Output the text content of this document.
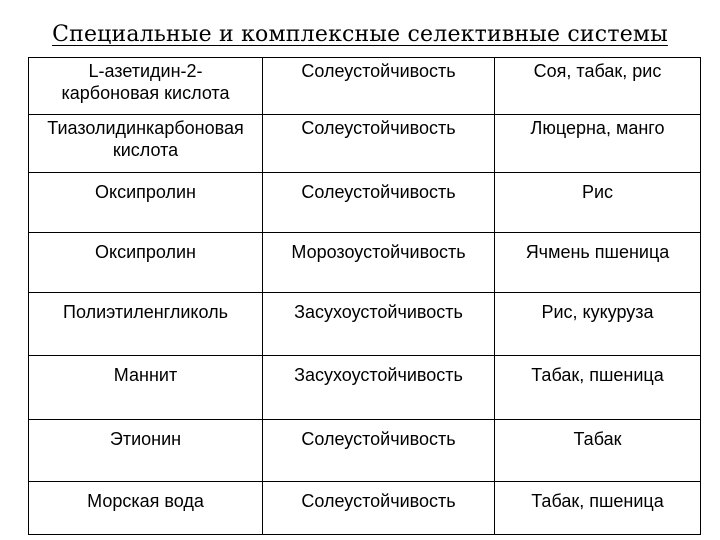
Специальные и комплексные селективные системы
L-азетидин-2-карбоновая кислота	Солеустойчивость	Соя, табак, рис

Тиазолидинкарбоновая кислота	Солеустойчивость	Люцерна, манго

Оксипролин	Солеустойчивость	Рис

Оксипролин	Морозоустойчивость	Ячмень пшеница

Полиэтиленгликоль	Засухоустойчивость	Рис, кукуруза

Маннит	Засухоустойчивость	Табак, пшеница

Этионин	Солеустойчивость	Табак

Морская вода	Солеустойчивость	Табак, пшеница
